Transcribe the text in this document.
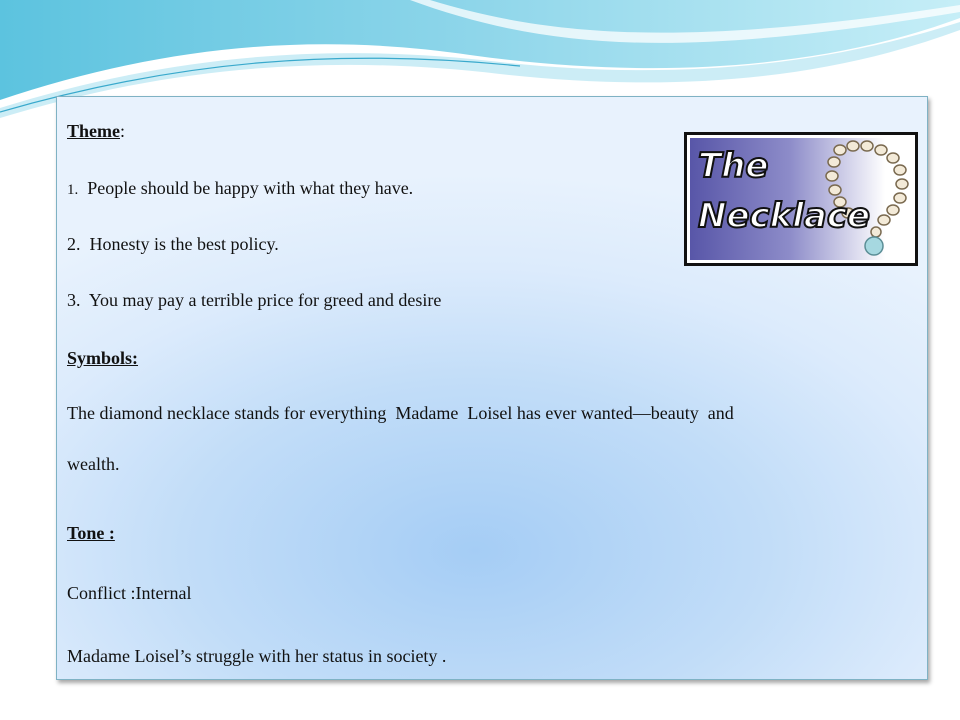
Theme:

1. People should be happy with what they have.

2. Honesty is the best policy.

3. You may pay a terrible price for greed and desire

Symbols:

The diamond necklace stands for everything  Madame  Loisel has ever wanted—beauty  and

wealth.

Tone :

Conflict :Internal

Madame Loisel’s struggle with her status in society .

The
Necklace
